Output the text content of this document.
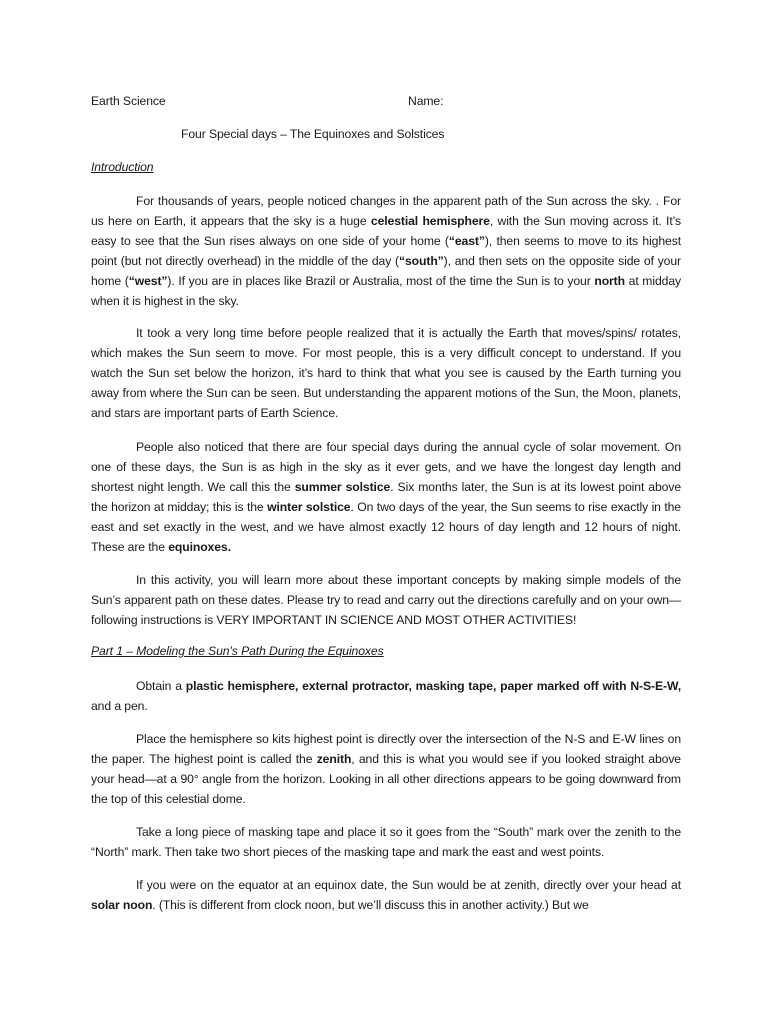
Earth Science	Name:
Four Special days – The Equinoxes and Solstices
Introduction
For thousands of years, people noticed changes in the apparent path of the Sun across the sky. . For us here on Earth, it appears that the sky is a huge celestial hemisphere, with the Sun moving across it. It’s easy to see that the Sun rises always on one side of your home (“east”), then seems to move to its highest point (but not directly overhead) in the middle of the day (“south”), and then sets on the opposite side of your home (“west”). If you are in places like Brazil or Australia, most of the time the Sun is to your north at midday when it is highest in the sky.
It took a very long time before people realized that it is actually the Earth that moves/spins/ rotates, which makes the Sun seem to move. For most people, this is a very difficult concept to understand. If you watch the Sun set below the horizon, it’s hard to think that what you see is caused by the Earth turning you away from where the Sun can be seen. But understanding the apparent motions of the Sun, the Moon, planets, and stars are important parts of Earth Science.
People also noticed that there are four special days during the annual cycle of solar movement. On one of these days, the Sun is as high in the sky as it ever gets, and we have the longest day length and shortest night length. We call this the summer solstice. Six months later, the Sun is at its lowest point above the horizon at midday; this is the winter solstice. On two days of the year, the Sun seems to rise exactly in the east and set exactly in the west, and we have almost exactly 12 hours of day length and 12 hours of night. These are the equinoxes.
In this activity, you will learn more about these important concepts by making simple models of the Sun’s apparent path on these dates. Please try to read and carry out the directions carefully and on your own—following instructions is VERY IMPORTANT IN SCIENCE AND MOST OTHER ACTIVITIES!
Part 1 – Modeling the Sun’s Path During the Equinoxes
Obtain a plastic hemisphere, external protractor, masking tape, paper marked off with N-S-E-W, and a pen.
Place the hemisphere so kits highest point is directly over the intersection of the N-S and E-W lines on the paper. The highest point is called the zenith, and this is what you would see if you looked straight above your head—at a 90° angle from the horizon. Looking in all other directions appears to be going downward from the top of this celestial dome.
Take a long piece of masking tape and place it so it goes from the “South” mark over the zenith to the “North” mark. Then take two short pieces of the masking tape and mark the east and west points.
If you were on the equator at an equinox date, the Sun would be at zenith, directly over your head at solar noon. (This is different from clock noon, but we’ll discuss this in another activity.) But we
